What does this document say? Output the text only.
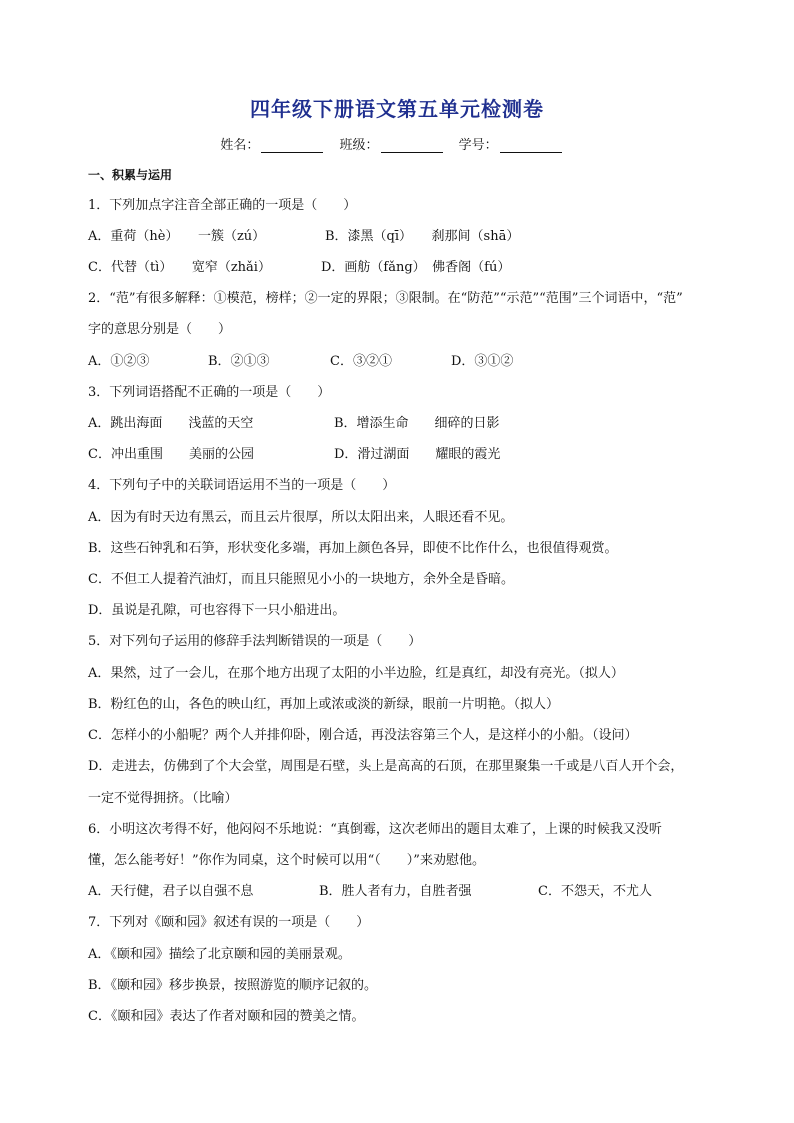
四年级下册语文第五单元检测卷
姓名：	班级：	学号：
一、积累与运用
1．下列加点字注音全部正确的一项是（　　）
A．重荷（hè）　　一簇（zú）	B．漆黑（qī）　　刹那间（shā）
C．代替（tì）　　宽窄（zhǎi）	D．画舫（fǎng）　佛香阁（fú）
2．“范”有很多解释：①模范，榜样；②一定的界限；③限制。在“防范”“示范”“范围”三个词语中，“范”
字的意思分别是（　　）
A．①②③	B．②①③	C．③②①	D．③①②
3．下列词语搭配不正确的一项是（　　）
A．跳出海面　　浅蓝的天空	B．增添生命　　细碎的日影
C．冲出重围　　美丽的公园	D．滑过湖面　　耀眼的霞光
4．下列句子中的关联词语运用不当的一项是（　　）
A．因为有时天边有黑云，而且云片很厚，所以太阳出来，人眼还看不见。
B．这些石钟乳和石笋，形状变化多端，再加上颜色各异，即使不比作什么，也很值得观赏。
C．不但工人提着汽油灯，而且只能照见小小的一块地方，余外全是昏暗。
D．虽说是孔隙，可也容得下一只小船进出。
5．对下列句子运用的修辞手法判断错误的一项是（　　）
A．果然，过了一会儿，在那个地方出现了太阳的小半边脸，红是真红，却没有亮光。（拟人）
B．粉红色的山，各色的映山红，再加上或浓或淡的新绿，眼前一片明艳。（拟人）
C．怎样小的小船呢？两个人并排仰卧，刚合适，再没法容第三个人，是这样小的小船。（设问）
D．走进去，仿佛到了个大会堂，周围是石壁，头上是高高的石顶，在那里聚集一千或是八百人开个会，
一定不觉得拥挤。（比喻）
6．小明这次考得不好，他闷闷不乐地说：“真倒霉，这次老师出的题目太难了，上课的时候我又没听
懂，怎么能考好！”你作为同桌，这个时候可以用“（　　）”来劝慰他。
A．天行健，君子以自强不息	B．胜人者有力，自胜者强	C．不怨天，不尤人
7．下列对《颐和园》叙述有误的一项是（　　）
A．《颐和园》描绘了北京颐和园的美丽景观。
B．《颐和园》移步换景，按照游览的顺序记叙的。
C．《颐和园》表达了作者对颐和园的赞美之情。
